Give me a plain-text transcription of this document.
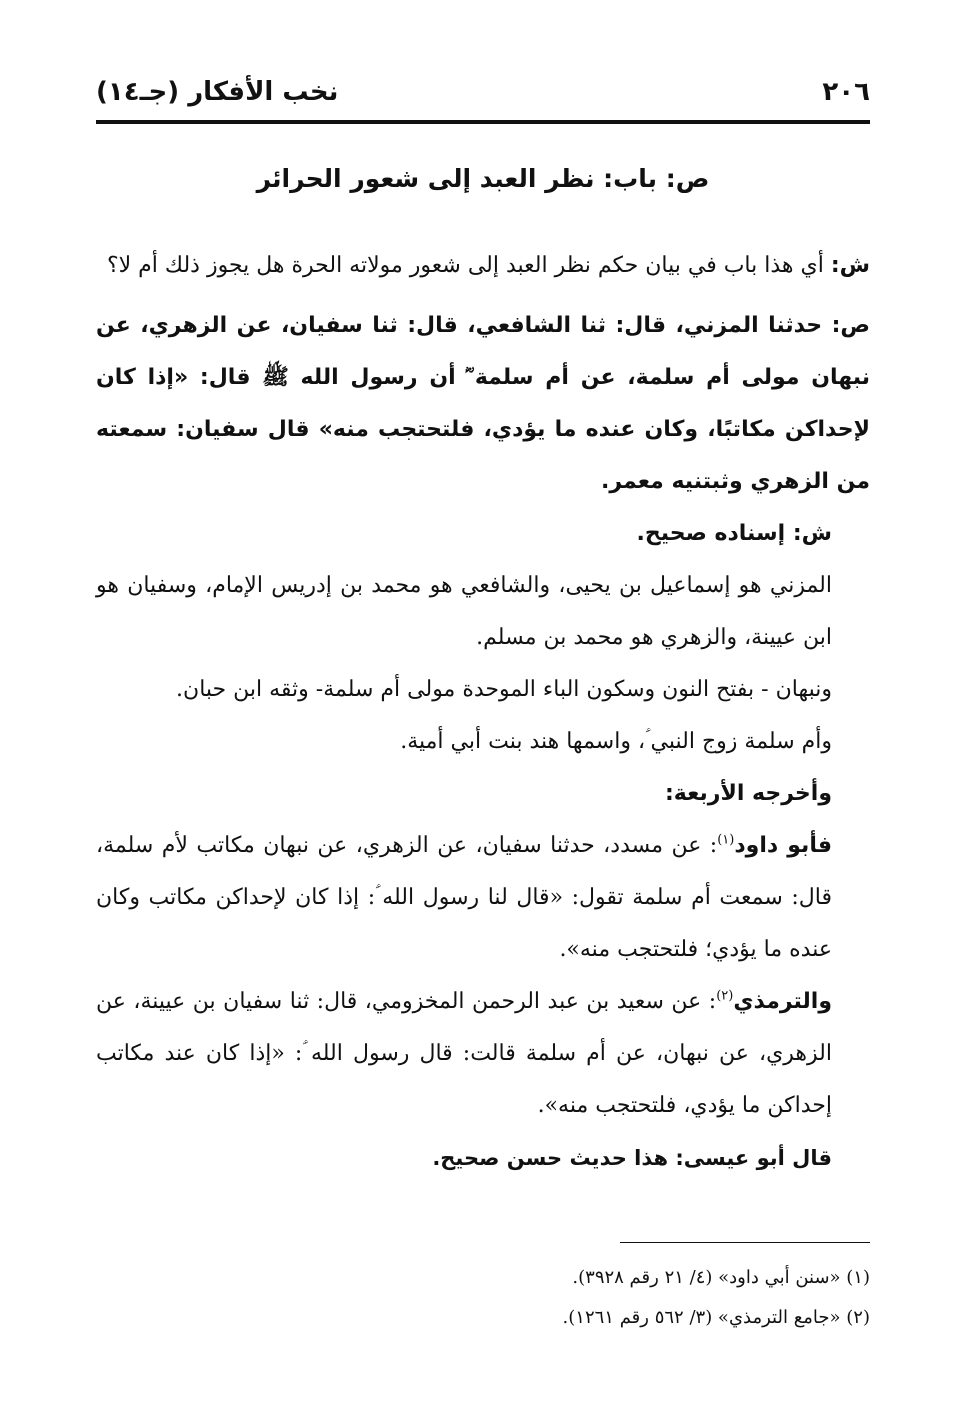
٢٠٦
نخب الأفكار (جـ١٤)
ص: باب: نظر العبد إلى شعور الحرائر

ش: أي هذا باب في بيان حكم نظر العبد إلى شعور مولاته الحرة هل يجوز ذلك أم لا؟

ص: حدثنا المزني، قال: ثنا الشافعي، قال: ثنا سفيان، عن الزهري، عن نبهان مولى أم سلمة، عن أم سلمة ؓ أن رسول الله ﷺ قال: «إذا كان لإحداكن مكاتبًا، وكان عنده ما يؤدي، فلتحتجب منه» قال سفيان: سمعته من الزهري وثبتنيه معمر.

ش: إسناده صحيح.

المزني هو إسماعيل بن يحيى، والشافعي هو محمد بن إدريس الإمام، وسفيان هو ابن عيينة، والزهري هو محمد بن مسلم.

ونبهان - بفتح النون وسكون الباء الموحدة مولى أم سلمة- وثقه ابن حبان.

وأم سلمة زوج النبي ؑ، واسمها هند بنت أبي أمية.

وأخرجه الأربعة:

فأبو داود$^{(١)}$: عن مسدد، حدثنا سفيان، عن الزهري، عن نبهان مكاتب لأم سلمة، قال: سمعت أم سلمة تقول: «قال لنا رسول الله ؑ: إذا كان لإحداكن مكاتب وكان عنده ما يؤدي؛ فلتحتجب منه».

والترمذي$^{(٢)}$: عن سعيد بن عبد الرحمن المخزومي، قال: ثنا سفيان بن عيينة، عن الزهري، عن نبهان، عن أم سلمة قالت: قال رسول الله ؑ: «إذا كان عند مكاتب إحداكن ما يؤدي، فلتحتجب منه».

قال أبو عيسى: هذا حديث حسن صحيح.

(١) «سنن أبي داود» (٤/ ٢١ رقم ٣٩٢٨).

(٢) «جامع الترمذي» (٣/ ٥٦٢ رقم ١٢٦١).
